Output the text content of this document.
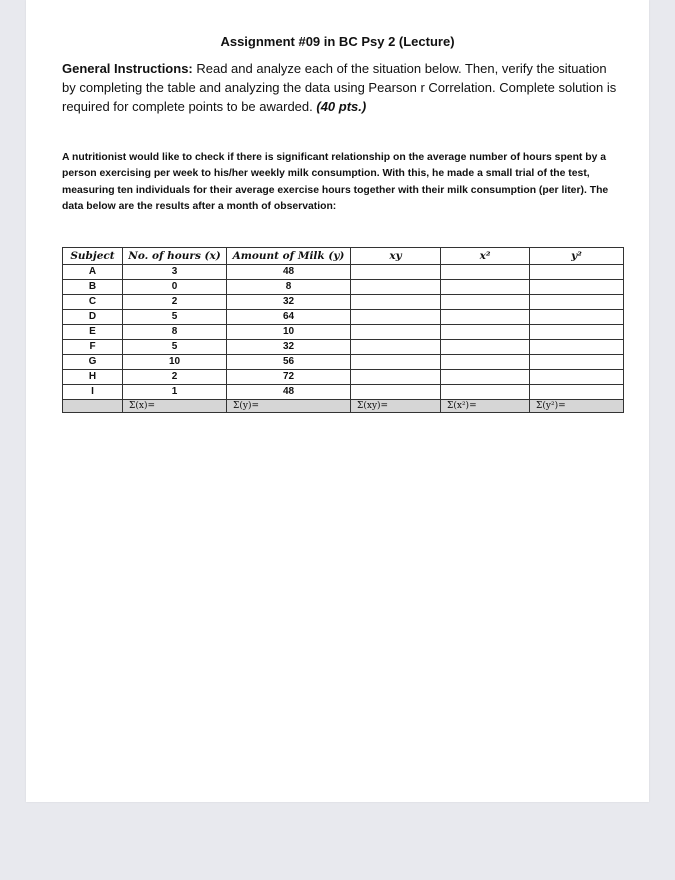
Assignment #09 in BC Psy 2 (Lecture)
General Instructions: Read and analyze each of the situation below. Then, verify the situation by completing the table and analyzing the data using Pearson r Correlation. Complete solution is required for complete points to be awarded. (40 pts.)
A nutritionist would like to check if there is significant relationship on the average number of hours spent by a person exercising per week to his/her weekly milk consumption. With this, he made a small trial of the test, measuring ten individuals for their average exercise hours together with their milk consumption (per liter). The data below are the results after a month of observation:
Subject	No. of hours (x)	Amount of Milk (y)	xy	x²	y²
A	3	48			
B	0	8			
C	2	32			
D	5	64			
E	8	10			
F	5	32			
G	10	56			
H	2	72			
I	1	48			
	Σ(x)=	Σ(y)=	Σ(xy)=	Σ(x²)=	Σ(y²)=
